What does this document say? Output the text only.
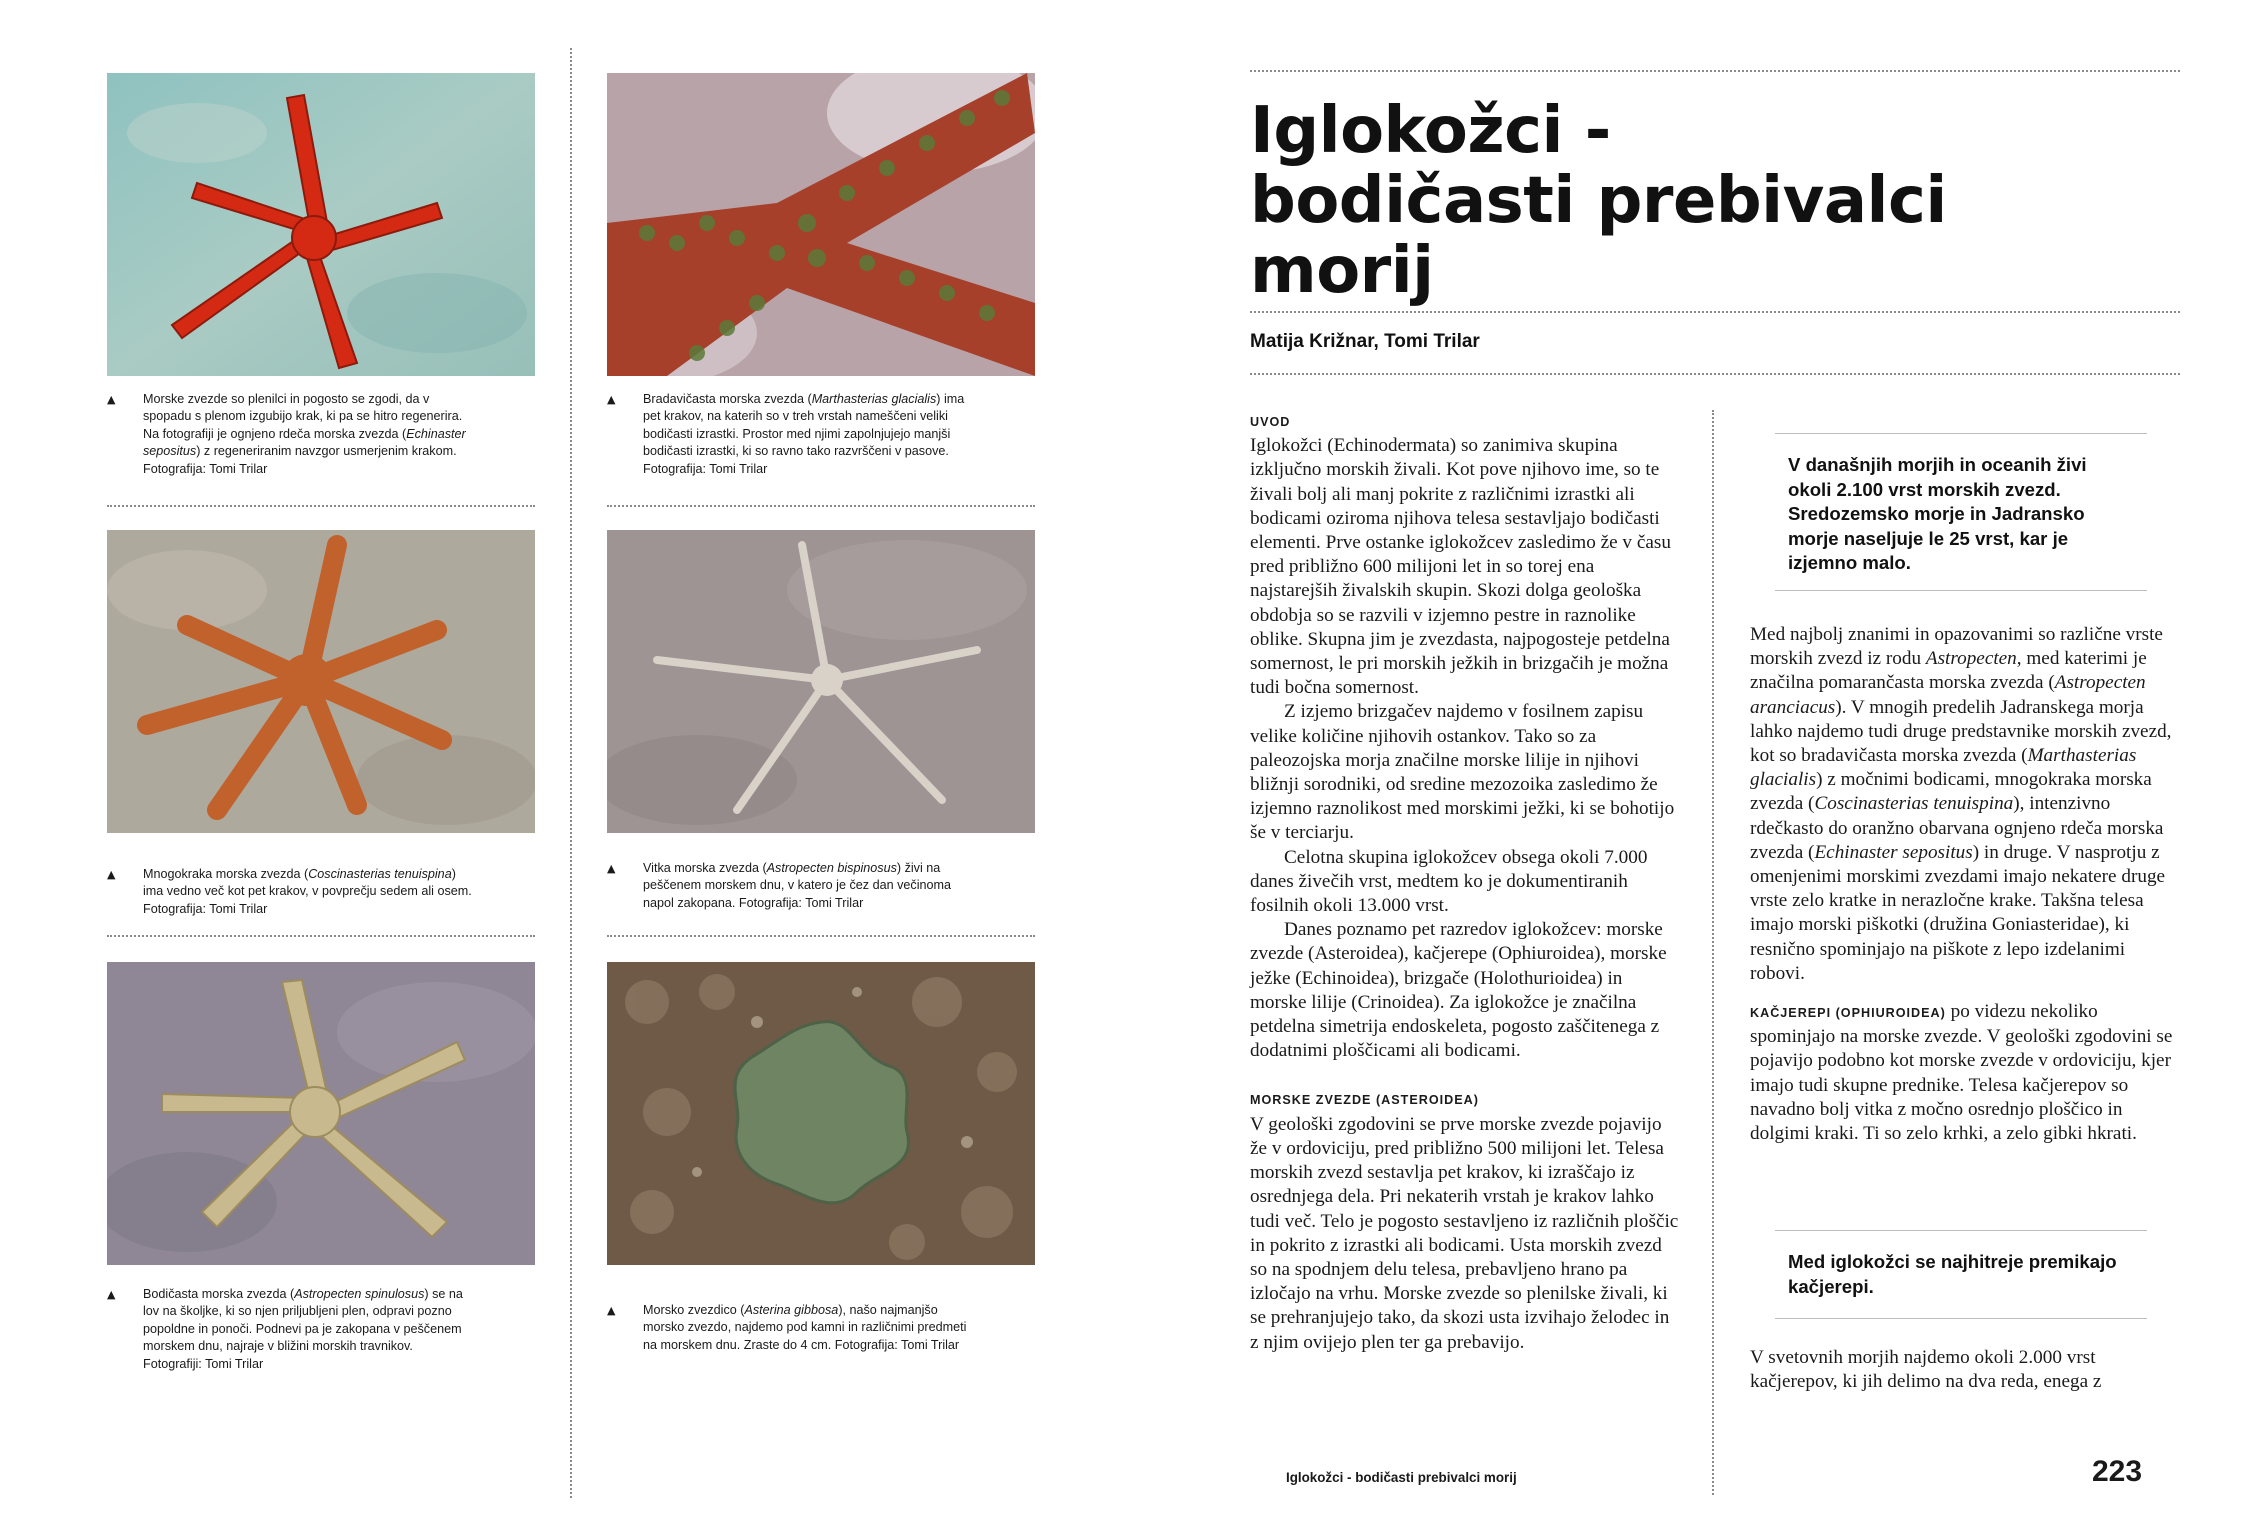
▲ Morske zvezde so plenilci in pogosto se zgodi, da v spopadu s plenom izgubijo krak, ki pa se hitro regenerira. Na fotografiji je ognjeno rdeča morska zvezda (Echinaster sepositus) z regeneriranim navzgor usmerjenim krakom. Fotografija: Tomi Trilar
▲ Bradavičasta morska zvezda (Marthasterias glacialis) ima pet krakov, na katerih so v treh vrstah nameščeni veliki bodičasti izrastki. Prostor med njimi zapolnjujejo manjši bodičasti izrastki, ki so ravno tako razvrščeni v pasove. Fotografija: Tomi Trilar
▲ Mnogokraka morska zvezda (Coscinasterias tenuispina) ima vedno več kot pet krakov, v povprečju sedem ali osem. Fotografija: Tomi Trilar
▲ Vitka morska zvezda (Astropecten bispinosus) živi na peščenem morskem dnu, v katero je čez dan večinoma napol zakopana. Fotografija: Tomi Trilar
▲ Bodičasta morska zvezda (Astropecten spinulosus) se na lov na školjke, ki so njen priljubljeni plen, odpravi pozno popoldne in ponoči. Podnevi pa je zakopana v peščenem morskem dnu, najraje v bližini morskih travnikov. Fotografiji: Tomi Trilar
▲ Morsko zvezdico (Asterina gibbosa), našo najmanjšo morsko zvezdo, najdemo pod kamni in različnimi predmeti na morskem dnu. Zraste do 4 cm. Fotografija: Tomi Trilar
Iglokožci - bodičasti prebivalci morij
Matija Križnar, Tomi Trilar
UVOD

Iglokožci (Echinodermata) so zanimiva skupina izključno morskih živali. Kot pove njihovo ime, so te živali bolj ali manj pokrite z različnimi izrastki ali bodicami oziroma njihova telesa sestavljajo bodičasti elementi. Prve ostanke iglokožcev zasledimo že v času pred približno 600 milijoni let in so torej ena najstarejših živalskih skupin. Skozi dolga geološka obdobja so se razvili v izjemno pestre in raznolike oblike. Skupna jim je zvezdasta, najpogosteje petdelna somernost, le pri morskih ježkih in brizgačih je možna tudi bočna somernost.

Z izjemo brizgačev najdemo v fosilnem zapisu velike količine njihovih ostankov. Tako so za paleozojska morja značilne morske lilije in njihovi bližnji sorodniki, od sredine mezozoika zasledimo že izjemno raznolikost med morskimi ježki, ki se bohotijo še v terciarju.

Celotna skupina iglokožcev obsega okoli 7.000 danes živečih vrst, medtem ko je dokumentiranih fosilnih okoli 13.000 vrst.

Danes poznamo pet razredov iglokožcev: morske zvezde (Asteroidea), kačjerepe (Ophiuroidea), morske ježke (Echinoidea), brizgače (Holothurioidea) in morske lilije (Crinoidea). Za iglokožce je značilna petdelna simetrija endoskeleta, pogosto zaščitenega z dodatnimi ploščicami ali bodicami.

MORSKE ZVEZDE (ASTEROIDEA)

V geološki zgodovini se prve morske zvezde pojavijo že v ordoviciju, pred približno 500 milijoni let. Telesa morskih zvezd sestavlja pet krakov, ki izraščajo iz osrednjega dela. Pri nekaterih vrstah je krakov lahko tudi več. Telo je pogosto sestavljeno iz različnih ploščic in pokrito z izrastki ali bodicami. Usta morskih zvezd so na spodnjem delu telesa, prebavljeno hrano pa izločajo na vrhu. Morske zvezde so plenilske živali, ki se prehranjujejo tako, da skozi usta izvihajo želodec in z njim ovijejo plen ter ga prebavijo.

V današnjih morjih in oceanih živi okoli 2.100 vrst morskih zvezd. Sredozemsko morje in Jadransko morje naseljuje le 25 vrst, kar je izjemno malo.

Med najbolj znanimi in opazovanimi so različne vrste morskih zvezd iz rodu Astropecten, med katerimi je značilna pomarančasta morska zvezda (Astropecten aranciacus). V mnogih predelih Jadranskega morja lahko najdemo tudi druge predstavnike morskih zvezd, kot so bradavičasta morska zvezda (Marthasterias glacialis) z močnimi bodicami, mnogokraka morska zvezda (Coscinasterias tenuispina), intenzivno rdečkasto do oranžno obarvana ognjeno rdeča morska zvezda (Echinaster sepositus) in druge. V nasprotju z omenjenimi morskimi zvezdami imajo nekatere druge vrste zelo kratke in nerazločne krake. Takšna telesa imajo morski piškotki (družina Goniasteridae), ki resnično spominjajo na piškote z lepo izdelanimi robovi.

KAČJEREPI (OPHIUROIDEA) po videzu nekoliko spominjajo na morske zvezde. V geološki zgodovini se pojavijo podobno kot morske zvezde v ordoviciju, kjer imajo tudi skupne prednike. Telesa kačjerepov so navadno bolj vitka z močno osrednjo ploščico in dolgimi kraki. Ti so zelo krhki, a zelo gibki hkrati.

Med iglokožci se najhitreje premikajo kačjerepi.

V svetovnih morjih najdemo okoli 2.000 vrst kačjerepov, ki jih delimo na dva reda, enega z

Iglokožci - bodičasti prebivalci morij	223
